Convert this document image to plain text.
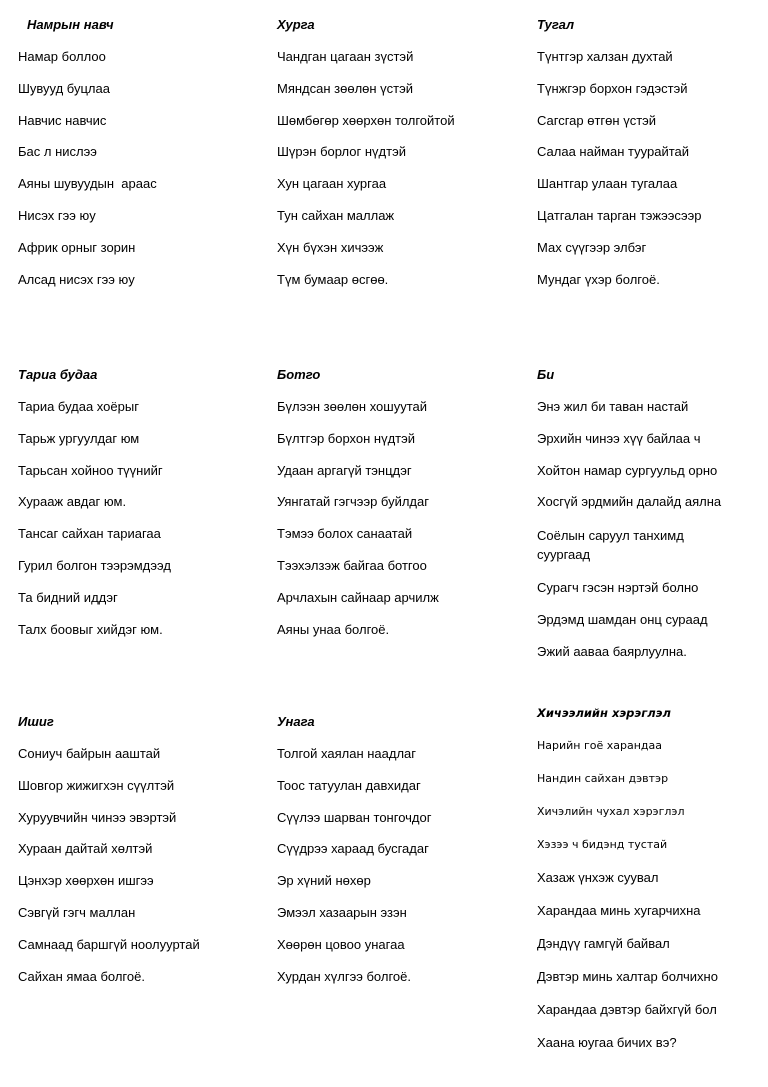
Намрын навч
Намар боллоо
Шувууд буцлаа
Навчис навчис
Бас л нислээ
Аяны шувуудын  араас
Нисэх гээ юу
Африк орныг зорин
Алсад нисэх гээ юу
Хурга
Чандган цагаан зүстэй
Мяндсан зөөлөн үстэй
Шөмбөгөр хөөрхөн толгойтой
Шүрэн борлог нүдтэй
Хун цагаан хургаа
Тун сайхан маллаж
Хүн бүхэн хичээж
Түм бумаар өсгөө.
Тугал
Түнтгэр халзан духтай
Түнжгэр борхон гэдэстэй
Сагсгар өтгөн үстэй
Салаа найман туурайтай
Шантгар улаан тугалаа
Цатгалан тарган тэжээсээр
Мах сүүгээр элбэг
Мундаг үхэр болгоё.
Тариа будаа
Тариа будаа хоёрыг
Тарьж ургуулдаг юм
Тарьсан хойноо түүнийг
Хурааж авдаг юм.
Тансаг сайхан тариагаа
Гурил болгон тээрэмдээд
Та бидний иддэг
Талх боовыг хийдэг юм.
Ботго
Бүлээн зөөлөн хошуутай
Бүлтгэр борхон нүдтэй
Удаан аргагүй тэнцдэг
Уянгатай гэгчээр буйлдаг
Тэмээ болох санаатай
Тээхэлзэж байгаа ботгоо
Арчлахын сайнаар арчилж
Аяны унаа болгоё.
Би
Энэ жил би таван настай
Эрхийн чинээ хүү байлаа ч
Хойтон намар сургуульд орно
Хосгүй эрдмийн далайд аялна
Соёлын саруул танхимд суургаад
Сурагч гэсэн нэртэй болно
Эрдэмд шамдан онц сураад
Эжий аавaa баярлуулна.
Ишиг
Сониуч байрын ааштай
Шовгор жижигхэн сүүлтэй
Хуруувчийн чинээ эвэртэй
Хураан дайтай хөлтэй
Цэнхэр хөөрхөн ишгээ
Сэвгүй гэгч маллан
Самнаад баршгүй ноолууртай
Сайхан ямаа болгоё.
Унага
Толгой хаялан наадлаг
Тоос татуулан давхидаг
Сүүлээ шарван тонгочдог
Сүүдрээ хараад бусгадаг
Эр хүний нөхөр
Эмээл хазаарын эзэн
Хөөрөн цовоо унагаа
Хурдан хүлгээ болгоё.
Хичээлийн хэрэглэл
Нарийн гоё харандаа
Нандин сайхан дэвтэр
Хичэлийн чухал хэрэглэл
Хэзээ ч бидэнд тустай
Хазаж үнхэж суувал
Харандаа минь хугарчихна
Дэндүү гамгүй байвал
Дэвтэр минь халтар болчихно
Харандаа дэвтэр байхгүй бол
Хаана юугаа бичих вэ?
